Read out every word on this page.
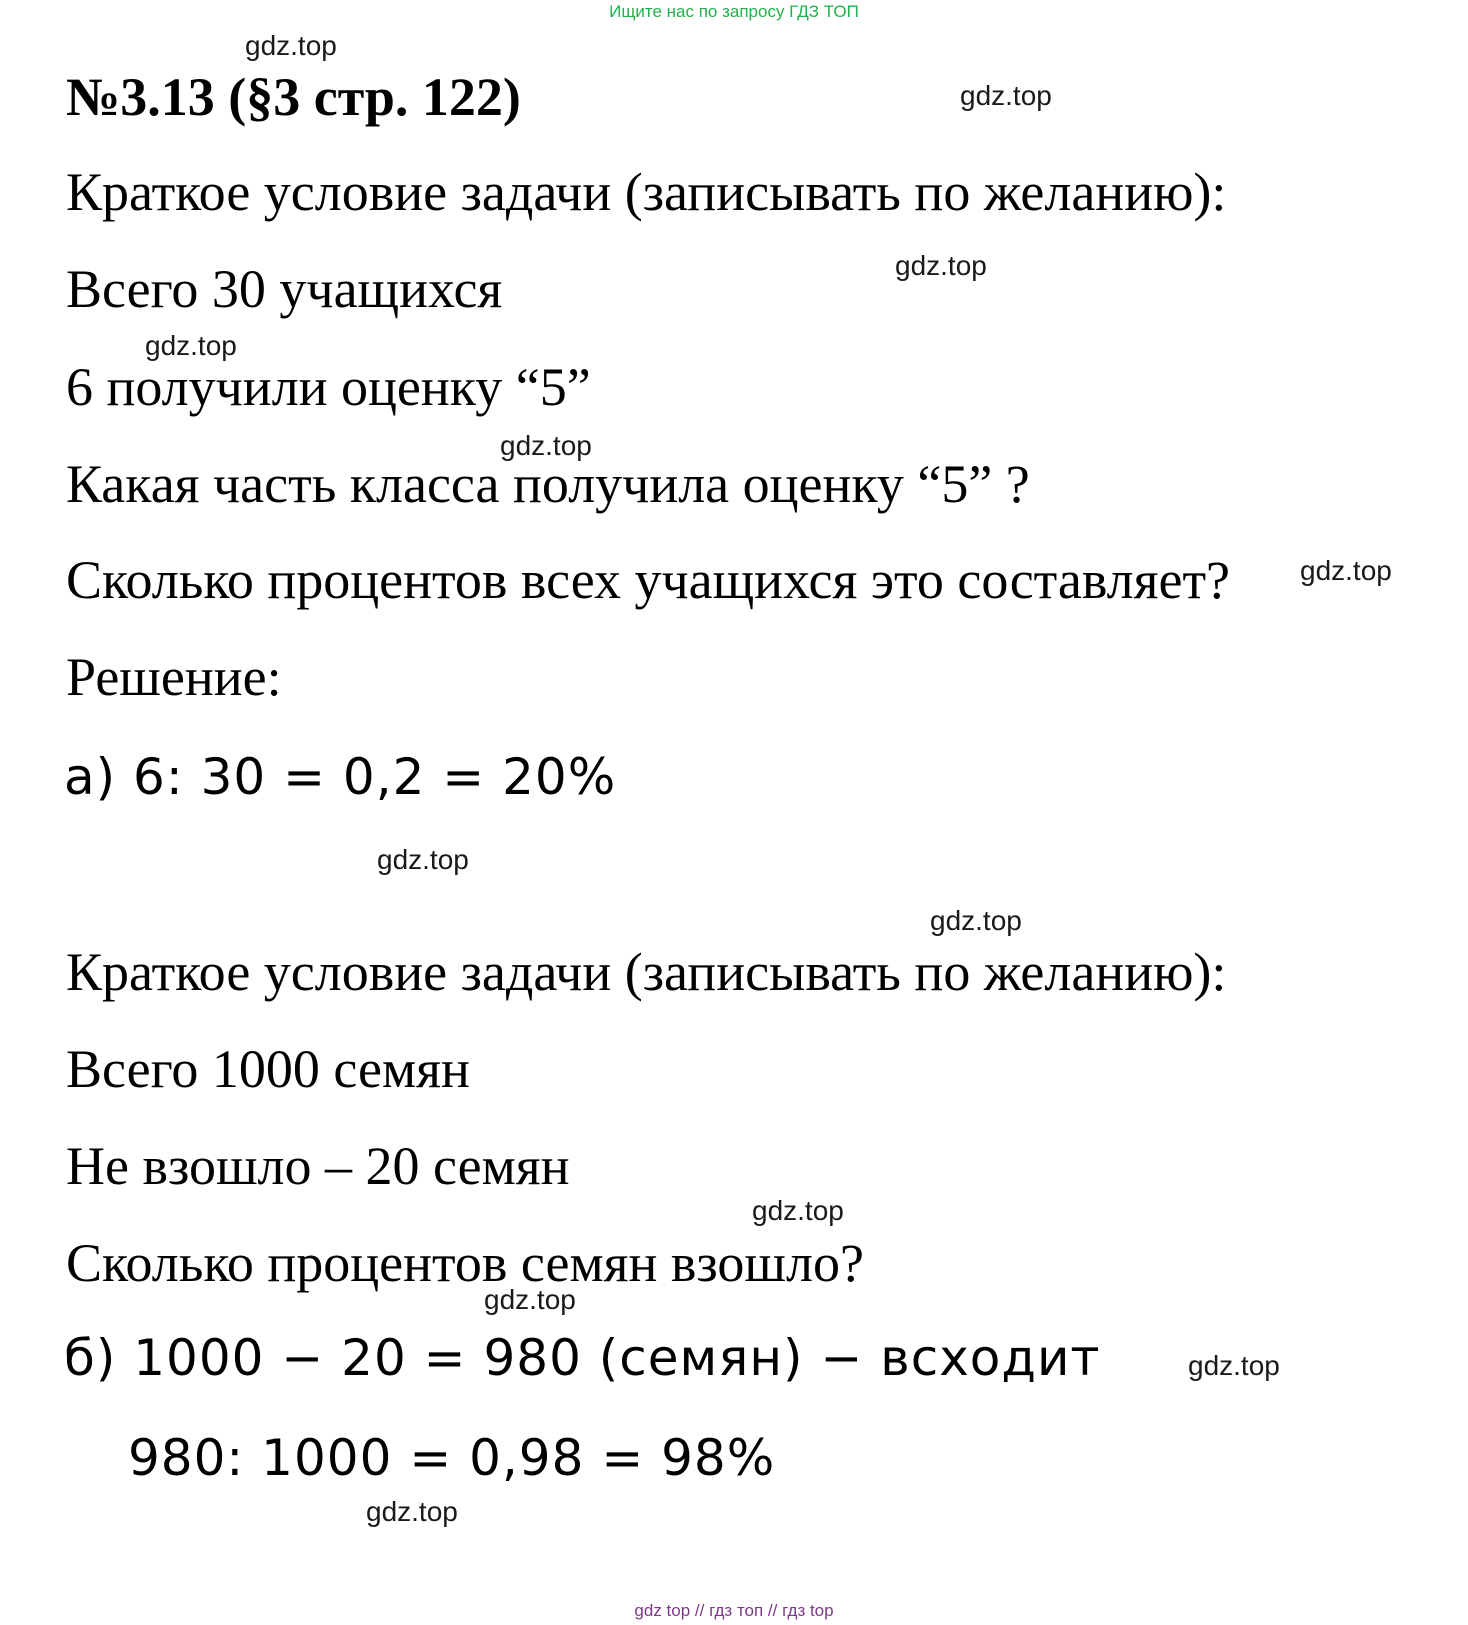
Ищите нас по запросу ГДЗ ТОП
№3.13 (§3 стр. 122)
Краткое условие задачи (записывать по желанию):
Всего 30 учащихся
6 получили оценку “5”
Какая часть класса получила оценку “5” ?
Сколько процентов всех учащихся это составляет?
Решение:
а) 6: 30 = 0,2 = 20%
Краткое условие задачи (записывать по желанию):
Всего 1000 семян
Не взошло – 20 семян
Сколько процентов семян взошло?
б) 1000 − 20 = 980 (семян) − всходит
980: 1000 = 0,98 = 98%
gdz.top
gdz.top
gdz.top
gdz.top
gdz.top
gdz.top
gdz.top
gdz.top
gdz.top
gdz.top
gdz.top
gdz.top
gdz top // гдз топ // гдз top
